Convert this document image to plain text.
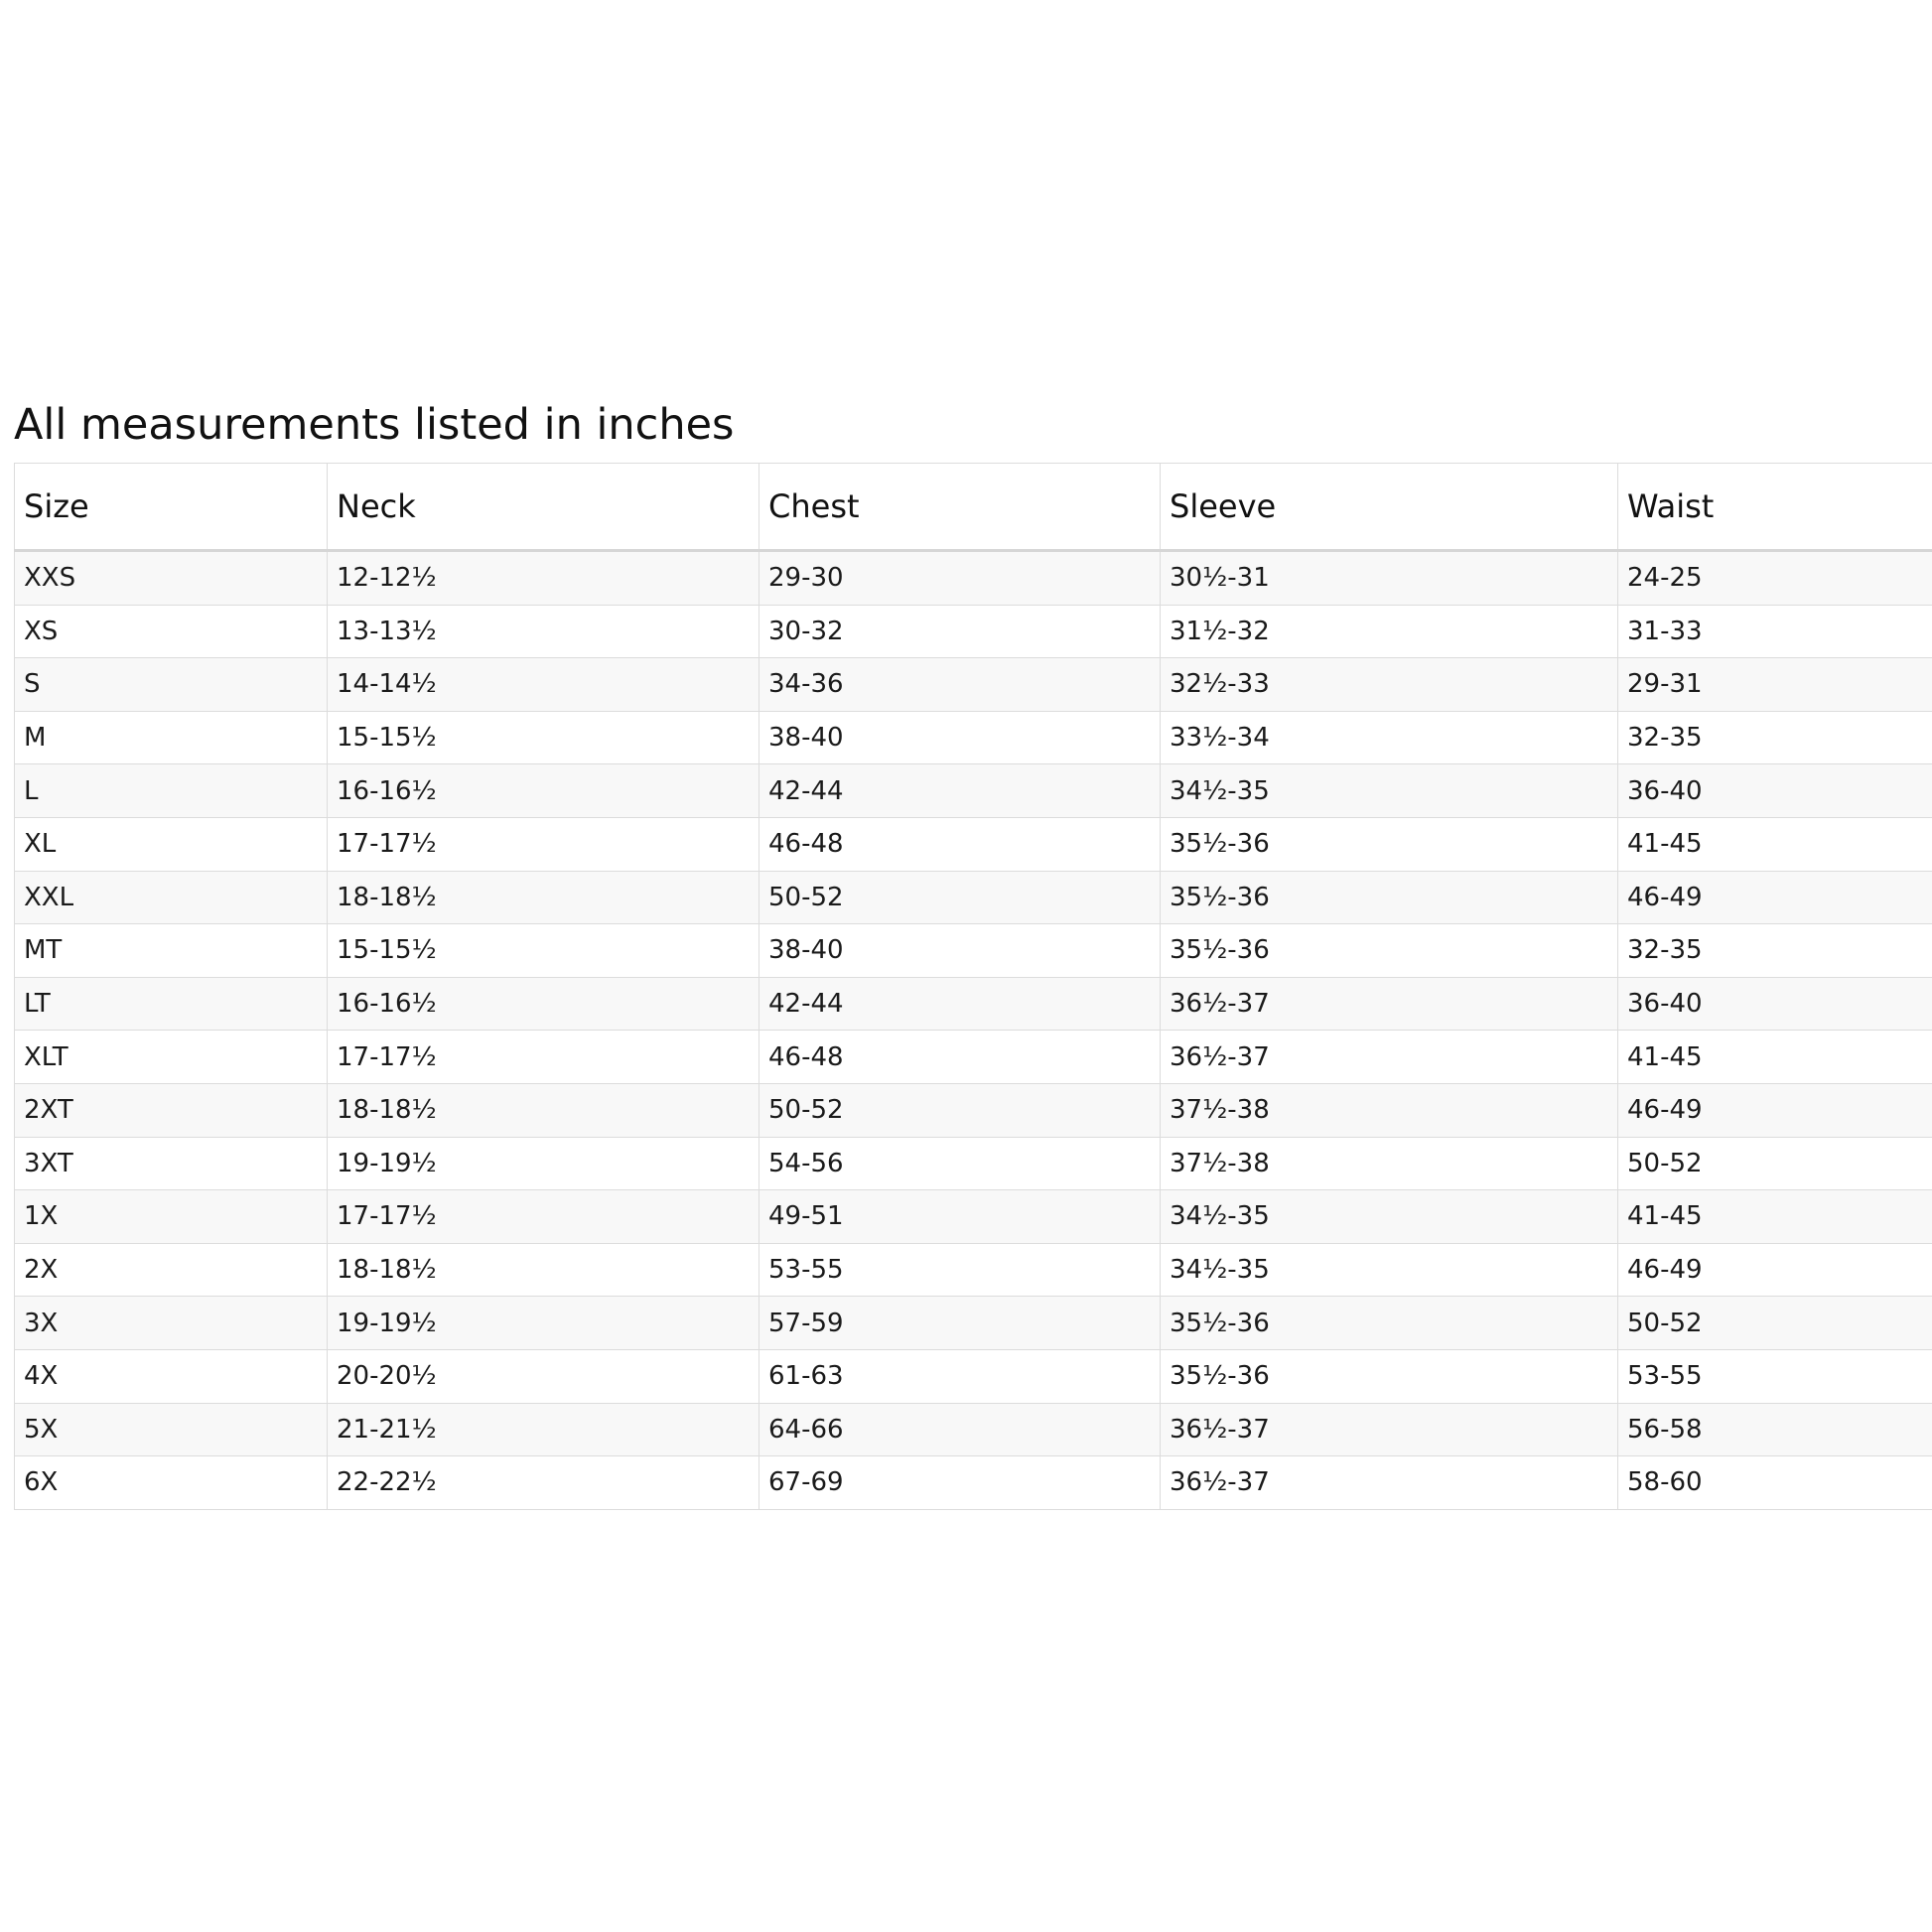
All measurements listed in inches
Size	Neck	Chest	Sleeve	Waist
XXS	12-12½	29-30	30½-31	24-25
XS	13-13½	30-32	31½-32	31-33
S	14-14½	34-36	32½-33	29-31
M	15-15½	38-40	33½-34	32-35
L	16-16½	42-44	34½-35	36-40
XL	17-17½	46-48	35½-36	41-45
XXL	18-18½	50-52	35½-36	46-49
MT	15-15½	38-40	35½-36	32-35
LT	16-16½	42-44	36½-37	36-40
XLT	17-17½	46-48	36½-37	41-45
2XT	18-18½	50-52	37½-38	46-49
3XT	19-19½	54-56	37½-38	50-52
1X	17-17½	49-51	34½-35	41-45
2X	18-18½	53-55	34½-35	46-49
3X	19-19½	57-59	35½-36	50-52
4X	20-20½	61-63	35½-36	53-55
5X	21-21½	64-66	36½-37	56-58
6X	22-22½	67-69	36½-37	58-60
